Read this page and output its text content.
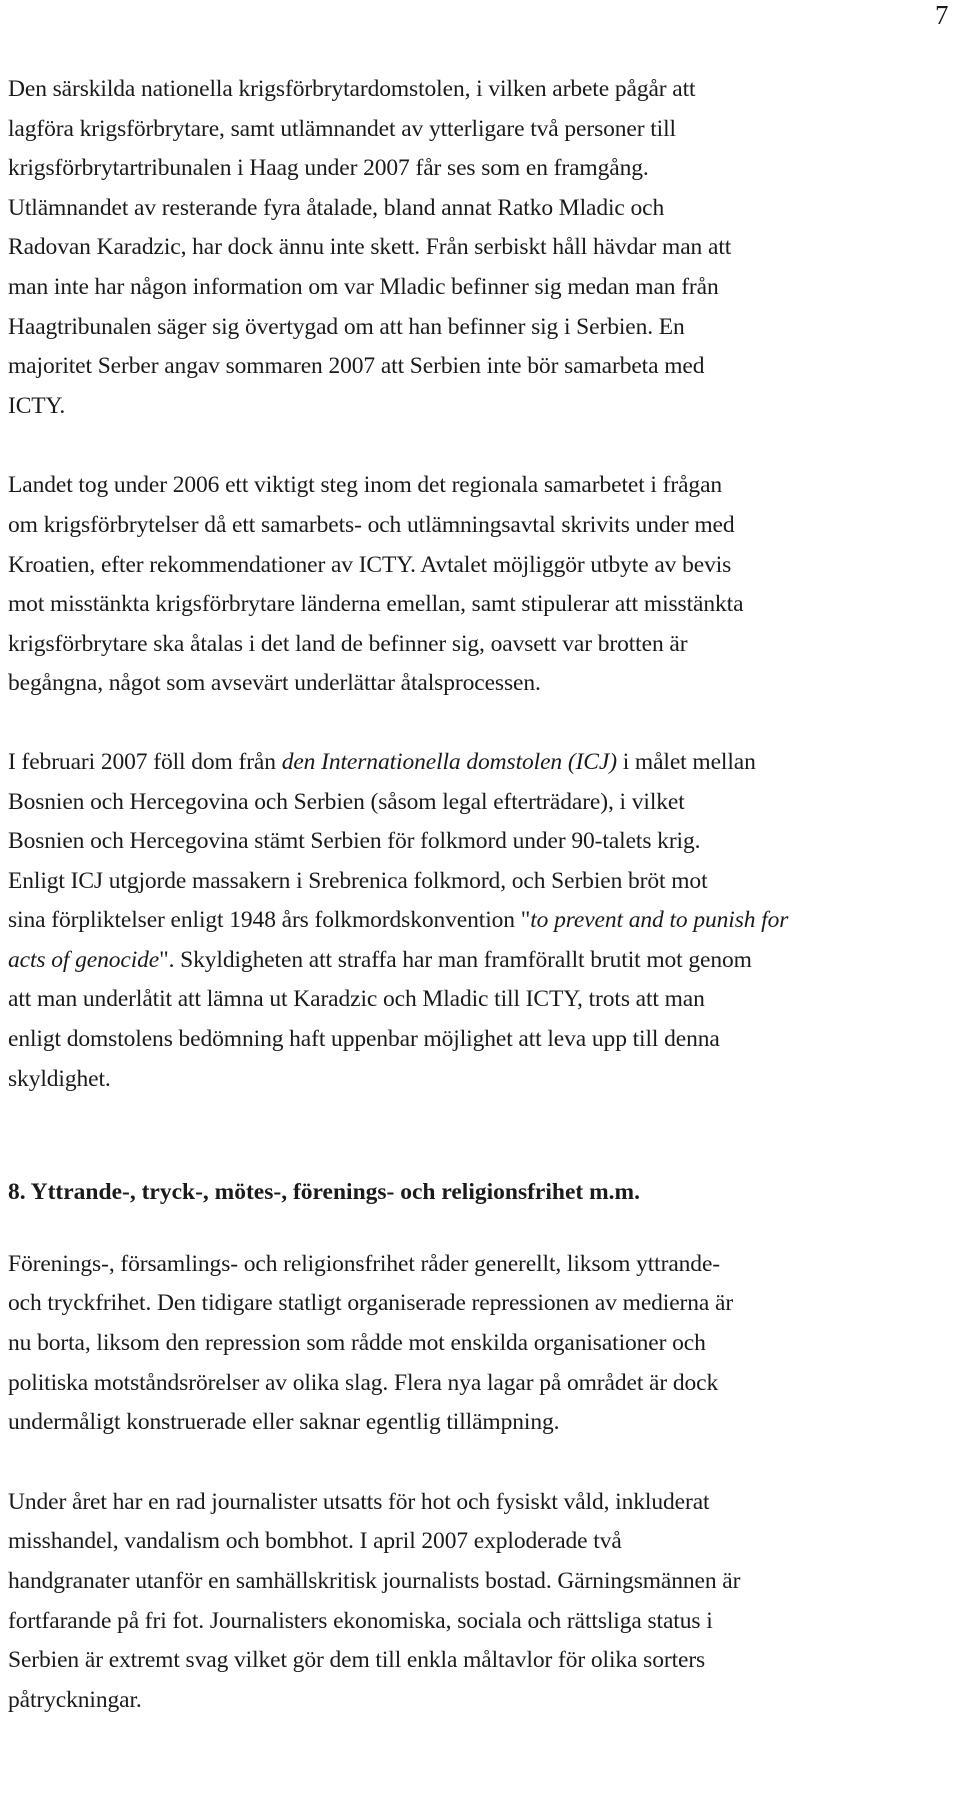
7

Den särskilda nationella krigsförbrytardomstolen, i vilken arbete pågår att
lagföra krigsförbrytare, samt utlämnandet av ytterligare två personer till
krigsförbrytartribunalen i Haag under 2007 får ses som en framgång.
Utlämnandet av resterande fyra åtalade, bland annat Ratko Mladic och
Radovan Karadzic, har dock ännu inte skett. Från serbiskt håll hävdar man att
man inte har någon information om var Mladic befinner sig medan man från
Haagtribunalen säger sig övertygad om att han befinner sig i Serbien. En
majoritet Serber angav sommaren 2007 att Serbien inte bör samarbeta med
ICTY.

Landet tog under 2006 ett viktigt steg inom det regionala samarbetet i frågan
om krigsförbrytelser då ett samarbets- och utlämningsavtal skrivits under med
Kroatien, efter rekommendationer av ICTY. Avtalet möjliggör utbyte av bevis
mot misstänkta krigsförbrytare länderna emellan, samt stipulerar att misstänkta
krigsförbrytare ska åtalas i det land de befinner sig, oavsett var brotten är
begångna, något som avsevärt underlättar åtalsprocessen.

I februari 2007 föll dom från den Internationella domstolen (ICJ) i målet mellan
Bosnien och Hercegovina och Serbien (såsom legal efterträdare), i vilket
Bosnien och Hercegovina stämt Serbien för folkmord under 90-talets krig.
Enligt ICJ utgjorde massakern i Srebrenica folkmord, och Serbien bröt mot
sina förpliktelser enligt 1948 års folkmordskonvention "to prevent and to punish for
acts of genocide". Skyldigheten att straffa har man framförallt brutit mot genom
att man underlåtit att lämna ut Karadzic och Mladic till ICTY, trots att man
enligt domstolens bedömning haft uppenbar möjlighet att leva upp till denna
skyldighet.

8. Yttrande-, tryck-, mötes-, förenings- och religionsfrihet m.m.

Förenings-, församlings- och religionsfrihet råder generellt, liksom yttrande-
och tryckfrihet. Den tidigare statligt organiserade repressionen av medierna är
nu borta, liksom den repression som rådde mot enskilda organisationer och
politiska motståndsrörelser av olika slag. Flera nya lagar på området är dock
undermåligt konstruerade eller saknar egentlig tillämpning.

Under året har en rad journalister utsatts för hot och fysiskt våld, inkluderat
misshandel, vandalism och bombhot. I april 2007 exploderade två
handgranater utanför en samhällskritisk journalists bostad. Gärningsmännen är
fortfarande på fri fot. Journalisters ekonomiska, sociala och rättsliga status i
Serbien är extremt svag vilket gör dem till enkla måltavlor för olika sorters
påtryckningar.
